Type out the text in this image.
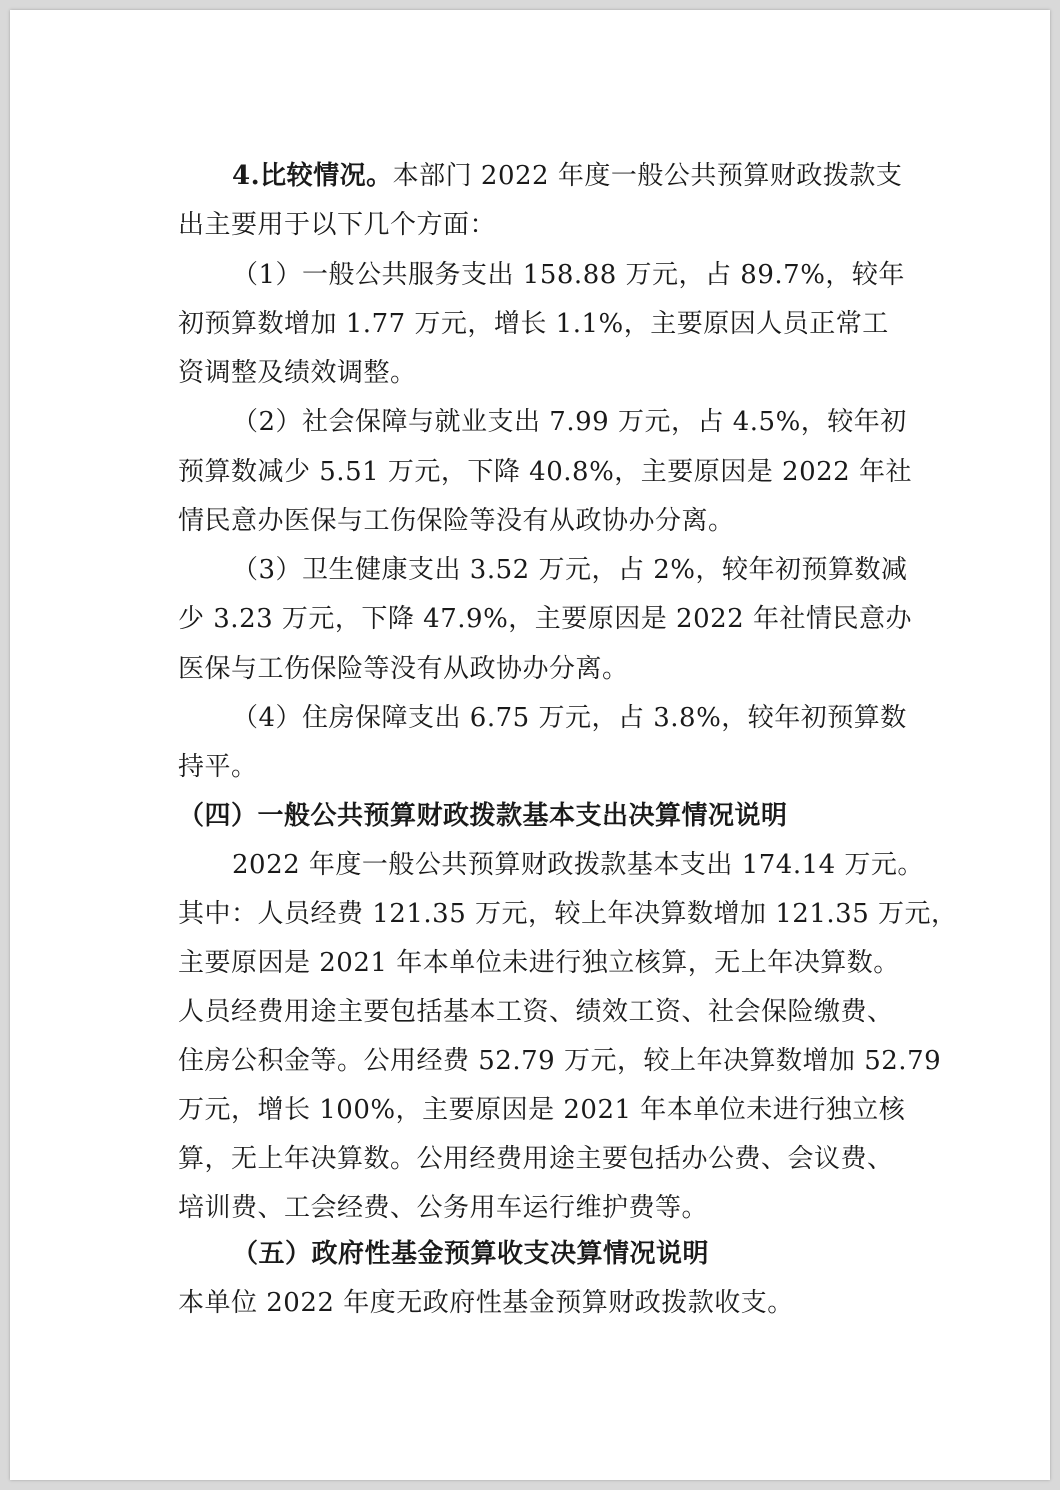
4.比较情况。本部门 2022 年度一般公共预算财政拨款支
出主要用于以下几个方面：
（1）一般公共服务支出 158.88 万元，占 89.7%，较年
初预算数增加 1.77 万元，增长 1.1%，主要原因人员正常工
资调整及绩效调整。
（2）社会保障与就业支出 7.99 万元，占 4.5%，较年初
预算数减少 5.51 万元，下降 40.8%，主要原因是 2022 年社
情民意办医保与工伤保险等没有从政协办分离。
（3）卫生健康支出 3.52 万元，占 2%，较年初预算数减
少 3.23 万元，下降 47.9%，主要原因是 2022 年社情民意办
医保与工伤保险等没有从政协办分离。
（4）住房保障支出 6.75 万元，占 3.8%，较年初预算数
持平。
（四）一般公共预算财政拨款基本支出决算情况说明
2022 年度一般公共预算财政拨款基本支出 174.14 万元。
其中：人员经费 121.35 万元，较上年决算数增加 121.35 万元，
主要原因是 2021 年本单位未进行独立核算，无上年决算数。
人员经费用途主要包括基本工资、绩效工资、社会保险缴费、
住房公积金等。公用经费 52.79 万元，较上年决算数增加 52.79
万元，增长 100%，主要原因是 2021 年本单位未进行独立核
算，无上年决算数。公用经费用途主要包括办公费、会议费、
培训费、工会经费、公务用车运行维护费等。
（五）政府性基金预算收支决算情况说明
本单位 2022 年度无政府性基金预算财政拨款收支。
